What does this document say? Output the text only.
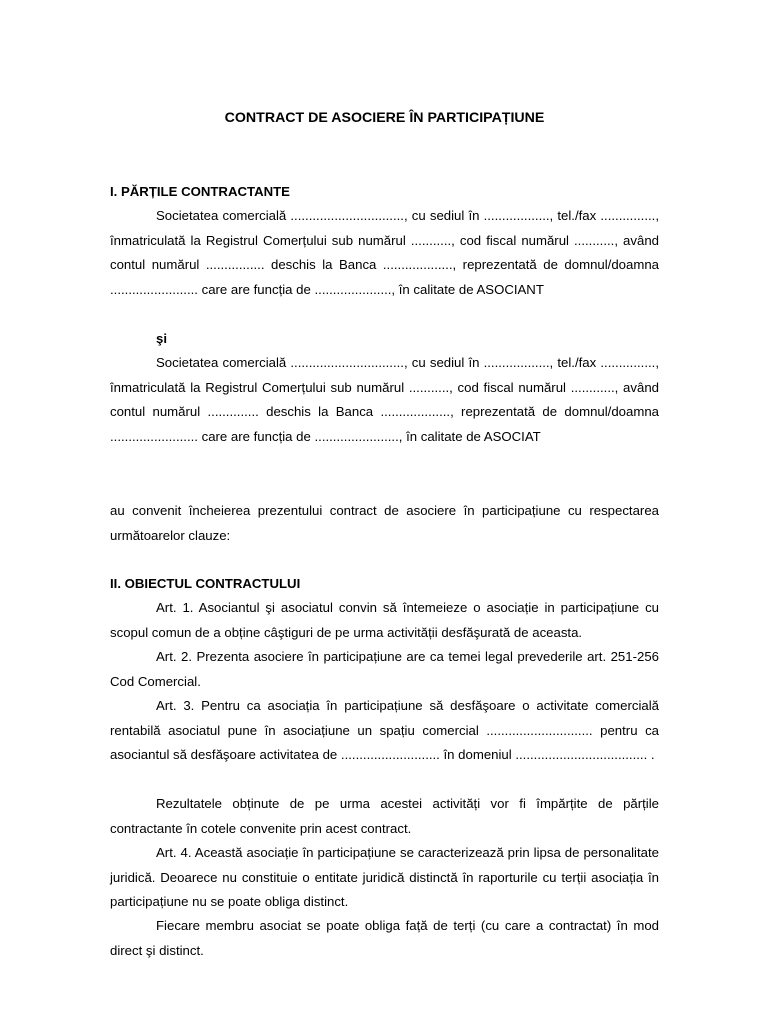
CONTRACT DE ASOCIERE ÎN PARTICIPAȚIUNE
I. PĂRȚILE CONTRACTANTE

Societatea comercială ..............................., cu sediul în .................., tel./fax ..............., înmatriculată la Registrul Comerțului sub numărul ..........., cod fiscal numărul ..........., având contul numărul ................ deschis la Banca ..................., reprezentată de domnul/doamna ........................ care are funcția de ....................., în calitate de ASOCIANT

şi

Societatea comercială ..............................., cu sediul în .................., tel./fax ..............., înmatriculată la Registrul Comerțului sub numărul ..........., cod fiscal numărul ............, având contul numărul .............. deschis la Banca ..................., reprezentată de domnul/doamna ........................ care are funcția de ......................., în calitate de ASOCIAT

au convenit încheierea prezentului contract de asociere în participațiune cu respectarea următoarelor clauze:

II. OBIECTUL CONTRACTULUI

Art. 1. Asociantul şi asociatul convin să întemeieze o asociație in participațiune cu scopul comun de a obține câştiguri de pe urma activității desfăşurată de aceasta.

Art. 2. Prezenta asociere în participațiune are ca temei legal prevederile art. 251-256 Cod Comercial.

Art. 3. Pentru ca asociația în participațiune să desfăşoare o activitate comercială rentabilă asociatul pune în asociațiune un spațiu comercial ............................. pentru ca asociantul să desfăşoare activitatea de ........................... în domeniul .................................... .

Rezultatele obținute de pe urma acestei activități vor fi împărțite de părțile contractante în cotele convenite prin acest contract.

Art. 4. Această asociație în participațiune se caracterizează prin lipsa de personalitate juridică. Deoarece nu constituie o entitate juridică distinctă în raporturile cu terții asociația în participațiune nu se poate obliga distinct.

Fiecare membru asociat se poate obliga față de terți (cu care a contractat) în mod direct şi distinct.
